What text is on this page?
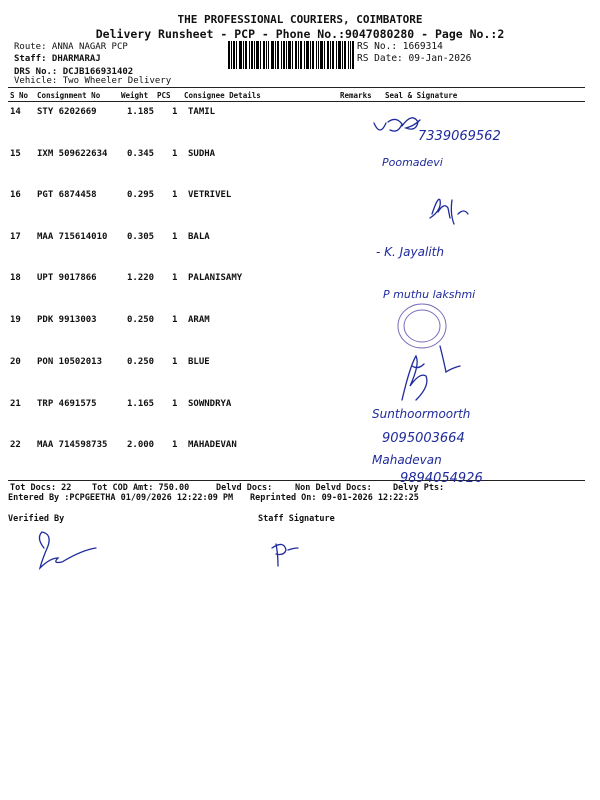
THE PROFESSIONAL COURIERS, COIMBATORE
Delivery Runsheet - PCP - Phone No.:9047080280 - Page No.:2
Route: ANNA NAGAR PCP
Staff: DHARMARAJ
DRS No.: DCJB166931402
Vehicle: Two Wheeler Delivery
RS No.: 1669314
RS Date: 09-Jan-2026
S No Consignment No	Weight PCS Consignee Details	Remarks Seal & Signature
14 STY 6202669	1.185 1 TAMIL
15 IXM 509622634 0.345 1 SUDHA
16 PGT 6874458	0.295 1 VETRIVEL
17 MAA 715614010 0.305 1 BALA
18 UPT 9017866	1.220 1 PALANISAMY
19 PDK 9913003	0.250 1 ARAM
20 PON 10502013	0.250 1 BLUE
21 TRP 4691575	1.165 1 SOWNDRYA
22 MAA 714598735 2.000 1 MAHADEVAN
Tot Docs: 22 Tot COD Amt: 750.00	Delvd Docs:	Non Delvd Docs: Delvy Pts:
Entered By :PCPGEETHA 01/09/2026 12:22:09 PM Reprinted On: 09-01-2026 12:22:25
Verified By	Staff Signature
7339069562
Poomadevi
- K. Jayalith
P muthu lakshmi
Sunthoormoorth
9095003664
Mahadevan
9894054926
